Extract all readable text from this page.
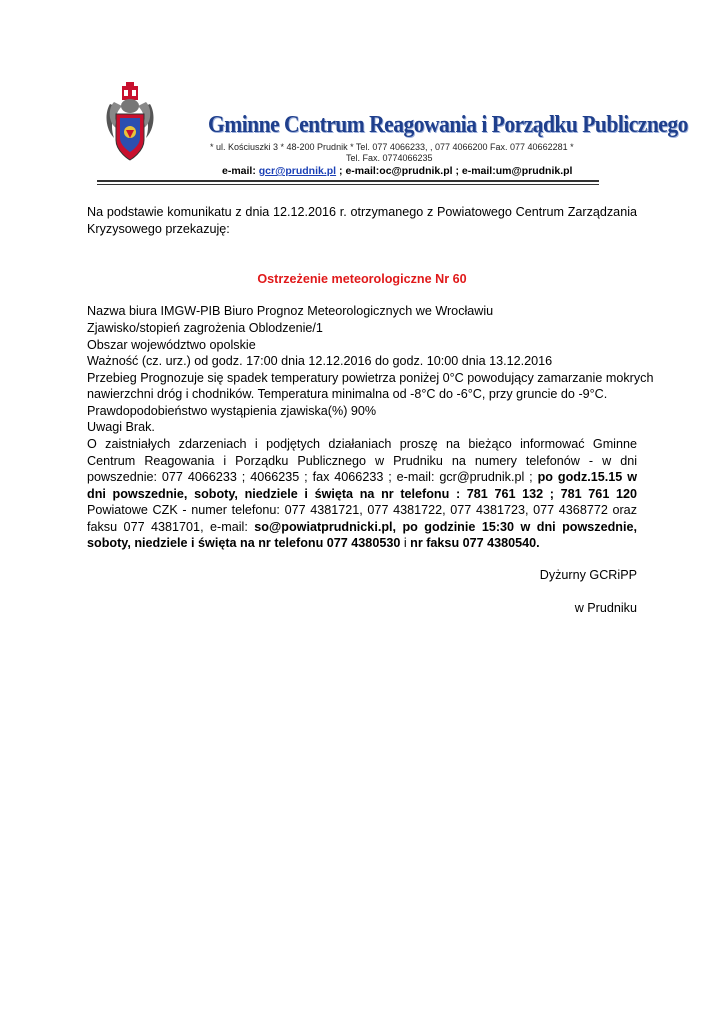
Gminne Centrum Reagowania i Porządku Publicznego
* ul. Kościuszki 3 * 48-200 Prudnik * Tel. 077 4066233, , 077 4066200 Fax. 077 40662281 *
Tel. Fax. 0774066235
e-mail: gcr@prudnik.pl ; e-mail:oc@prudnik.pl ; e-mail:um@prudnik.pl
Na podstawie komunikatu z dnia 12.12.2016 r. otrzymanego z Powiatowego Centrum Zarządzania Kryzysowego przekazuję:
Ostrzeżenie meteorologiczne Nr 60
Nazwa biura IMGW-PIB Biuro Prognoz Meteorologicznych we Wrocławiu
Zjawisko/stopień zagrożenia Oblodzenie/1
Obszar województwo opolskie
Ważność (cz. urz.) od godz. 17:00 dnia 12.12.2016 do godz. 10:00 dnia 13.12.2016
Przebieg Prognozuje się spadek temperatury powietrza poniżej 0°C powodujący zamarzanie mokrych
nawierzchni dróg i chodników. Temperatura minimalna od -8°C do -6°C, przy gruncie do -9°C.
Prawdopodobieństwo wystąpienia zjawiska(%) 90%
Uwagi Brak.
O zaistniałych zdarzeniach i podjętych działaniach proszę na bieżąco informować Gminne Centrum Reagowania i Porządku Publicznego w Prudniku na numery telefonów - w dni powszednie: 077 4066233 ; 4066235 ; fax 4066233 ; e-mail: gcr@prudnik.pl ; po godz.15.15 w dni powszednie, soboty, niedziele i święta na nr telefonu : 781 761 132 ; 781 761 120 Powiatowe CZK - numer telefonu: 077 4381721, 077 4381722, 077 4381723, 077 4368772 oraz faksu 077 4381701, e-mail: so@powiatprudnicki.pl, po godzinie 15:30 w dni powszednie, soboty, niedziele i święta na nr telefonu 077 4380530 i nr faksu 077 4380540.
Dyżurny GCRiPP
w Prudniku
